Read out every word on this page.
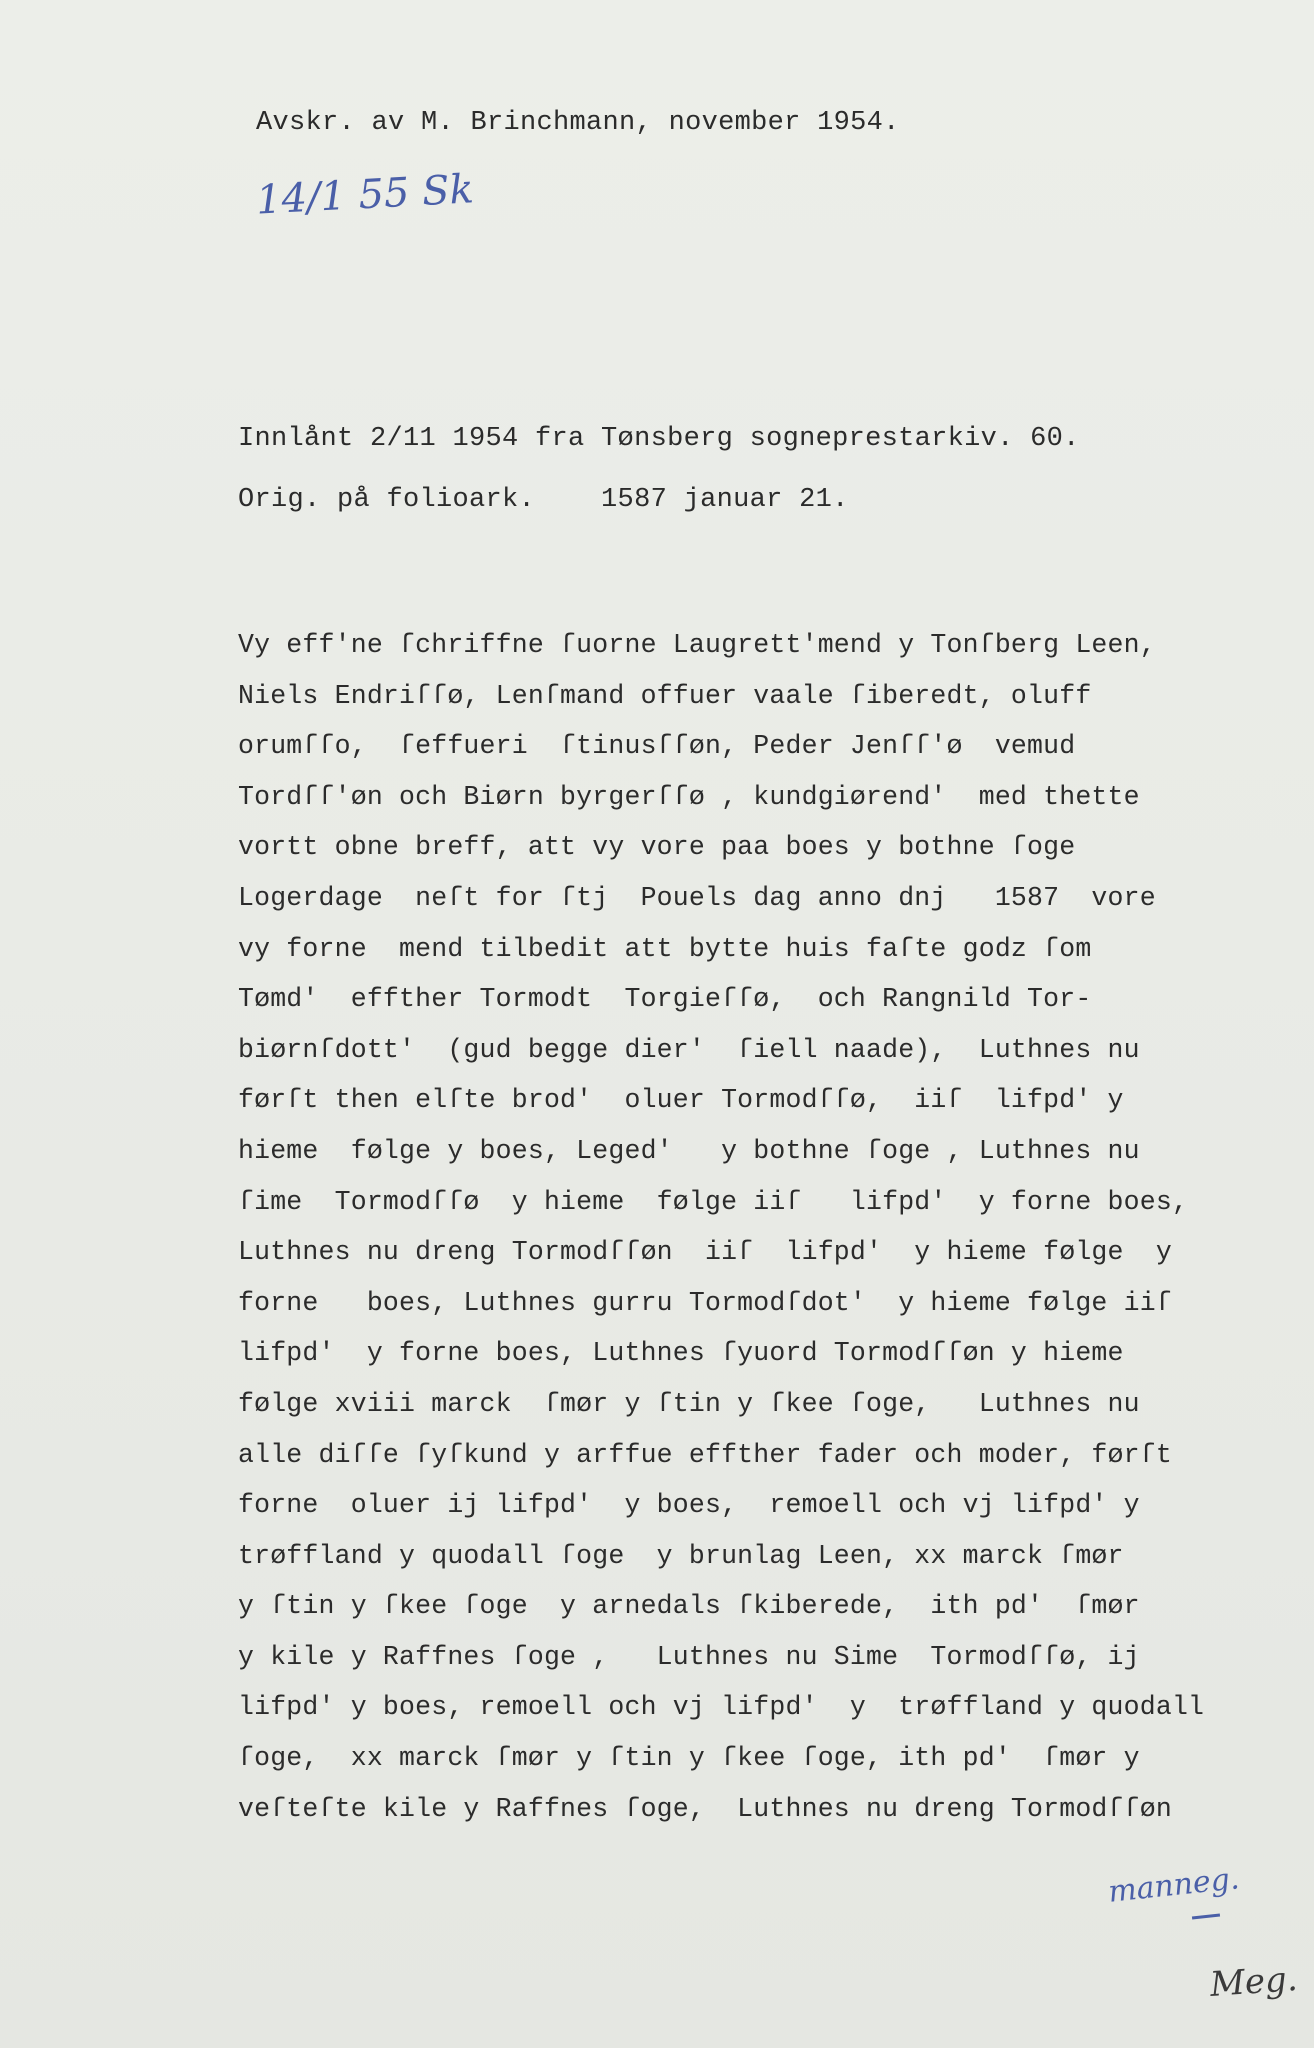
Avskr. av M. Brinchmann, november 1954.
14/1 55 Sk
Innlånt 2/11 1954 fra Tønsberg sogneprestarkiv. 60.
Orig. på folioark.    1587 januar 21.
Vy eff'ne ſchriffne ſuorne Laugrett'mend y Tonſberg Leen,
Niels Endriſſø, Lenſmand offuer vaale ſiberedt, oluff
orumſſo,  ſeffueri  ſtinusſſøn, Peder Jenſſ'ø  vemud
Tordſſ'øn och Biørn byrgerſſø , kundgiørend'  med thette
vortt obne breff, att vy vore paa boes y bothne ſoge
Logerdage  neſt for ſtj  Pouels dag anno dnj   1587  vore
vy forne  mend tilbedit att bytte huis faſte godz ſom
Tømd'  effther Tormodt  Torgieſſø,  och Rangnild Tor-
biørnſdott'  (gud begge dier'  ſiell naade),  Luthnes nu
førſt then elſte brod'  oluer Tormodſſø,  iiſ  lifpd' y
hieme  følge y boes, Leged'   y bothne ſoge , Luthnes nu
ſime  Tormodſſø  y hieme  følge iiſ   lifpd'  y forne boes,
Luthnes nu dreng Tormodſſøn  iiſ  lifpd'  y hieme følge  y
forne   boes, Luthnes gurru Tormodſdot'  y hieme følge iiſ
lifpd'  y forne boes, Luthnes ſyuord Tormodſſøn y hieme
følge xviii marck  ſmør y ſtin y ſkee ſoge,   Luthnes nu
alle diſſe ſyſkund y arffue effther fader och moder, førſt
forne  oluer ij lifpd'  y boes,  remoell och vj lifpd' y
trøffland y quodall ſoge  y brunlag Leen, xx marck ſmør
y ſtin y ſkee ſoge  y arnedals ſkiberede,  ith pd'  ſmør
y kile y Raffnes ſoge ,   Luthnes nu Sime  Tormodſſø, ij
lifpd' y boes, remoell och vj lifpd'  y  trøffland y quodall
ſoge,  xx marck ſmør y ſtin y ſkee ſoge, ith pd'  ſmør y
veſteſte kile y Raffnes ſoge,  Luthnes nu dreng Tormodſſøn
manneg.
Meg.
